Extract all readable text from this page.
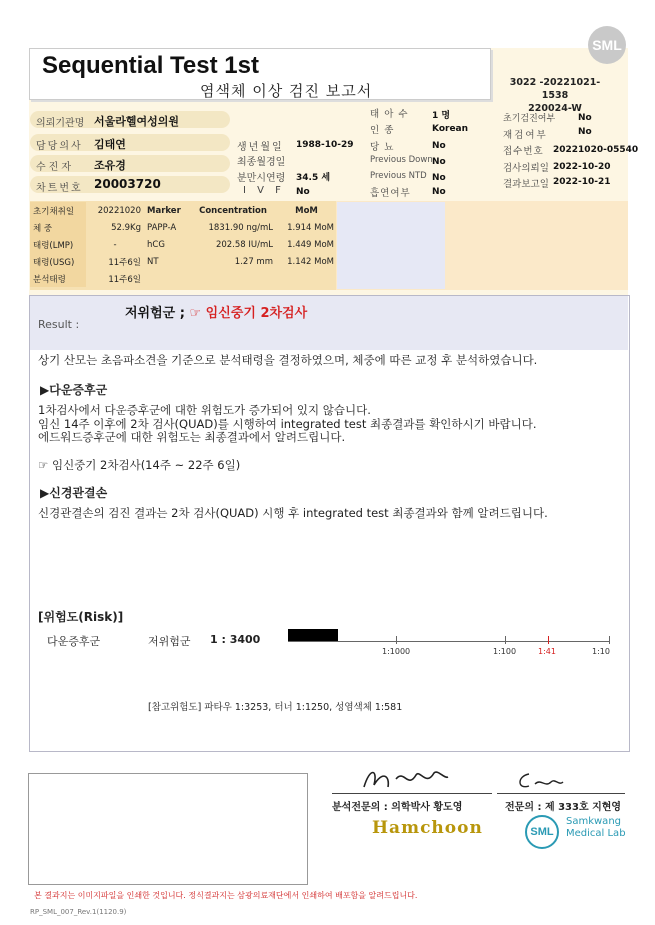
Sequential Test 1st
염색체 이상 검진 보고서	3022 -20221021-1538
220024-W
SML
의뢰기관명 서울라헬여성의원
담당의사 김태연
수진자 조유경
차트번호 20003720
생년월일 1988-10-29
최종월경일
분만시연령 34.5 세
I V F No
태 아 수	1 명
인 종	Korean
당 뇨	No
Previous Down No
Previous NTD No
흡연여부 No
초기검진여부	No
재검여부	No
접수번호 20221020-05540
검사의뢰일 2022-10-20
결과보고일 2022-10-21
초기채취일	20221020	Marker	Concentration	MoM
체 중	52.9Kg	PAPP-A	1831.90 ng/mL	1.914 MoM
태령(LMP)	-	hCG	202.58 IU/mL	1.449 MoM
태령(USG)	11주6일	NT	1.27 mm	1.142 MoM
분석태령	11주6일			
Result :
저위험군 ; ☞ 임신중기 2차검사
상기 산모는 초음파소견을 기준으로 분석태령을 결정하였으며, 체중에 따른 교정 후 분석하였습니다.
▶다운증후군
1차검사에서 다운증후군에 대한 위험도가 증가되어 있지 않습니다.
임신 14주 이후에 2차 검사(QUAD)를 시행하여 integrated test 최종결과를 확인하시기 바랍니다.
에드워드증후군에 대한 위험도는 최종결과에서 알려드립니다.
☞ 임신중기 2차검사(14주 ~ 22주 6일)
▶신경관결손
신경관결손의 검진 결과는 2차 검사(QUAD) 시행 후 integrated test 최종결과와 함께 알려드립니다.
[위험도(Risk)]
다운증후군	저위험군 1 : 3400
1:1000	1:100	1:41	1:10
[참고위험도] 파타우 1:3253, 터너 1:1250, 성염색체 1:581
분석전문의 : 의학박사 황도영	전문의 : 제 333호 지현영
Hamchoon	SML
Samkwang
Medical Lab
본 결과지는 이미지파일을 인쇄한 것입니다. 정식결과지는 삼광의료재단에서 인쇄하여 배포함을 알려드립니다.
RP_SML_007_Rev.1(1120.9)
